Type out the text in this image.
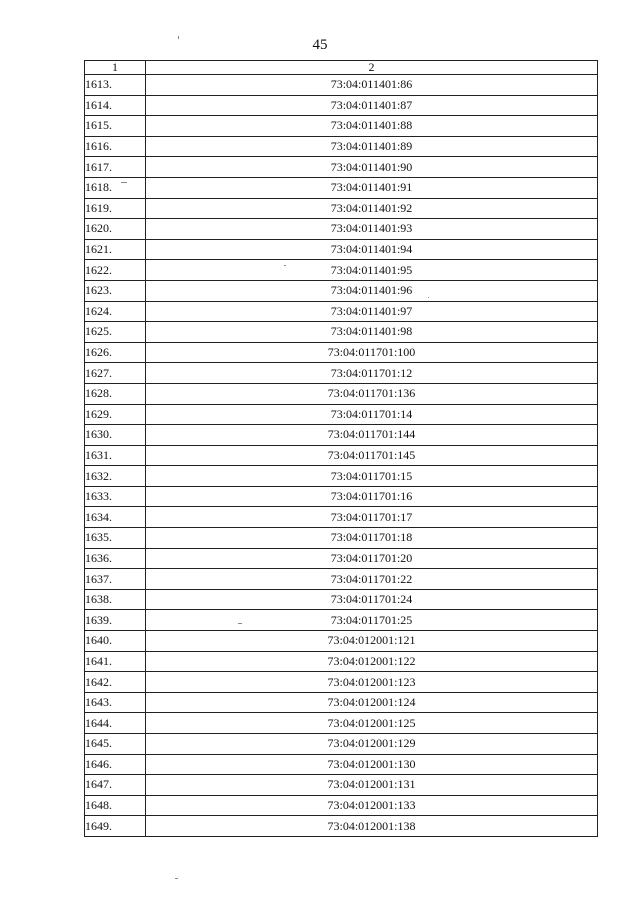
45
1	2
1613.	73:04:011401:86
1614.	73:04:011401:87
1615.	73:04:011401:88
1616.	73:04:011401:89
1617.	73:04:011401:90
1618.	73:04:011401:91
1619.	73:04:011401:92
1620.	73:04:011401:93
1621.	73:04:011401:94
1622.	73:04:011401:95
1623.	73:04:011401:96
1624.	73:04:011401:97
1625.	73:04:011401:98
1626.	73:04:011701:100
1627.	73:04:011701:12
1628.	73:04:011701:136
1629.	73:04:011701:14
1630.	73:04:011701:144
1631.	73:04:011701:145
1632.	73:04:011701:15
1633.	73:04:011701:16
1634.	73:04:011701:17
1635.	73:04:011701:18
1636.	73:04:011701:20
1637.	73:04:011701:22
1638.	73:04:011701:24
1639.	73:04:011701:25
1640.	73:04:012001:121
1641.	73:04:012001:122
1642.	73:04:012001:123
1643.	73:04:012001:124
1644.	73:04:012001:125
1645.	73:04:012001:129
1646.	73:04:012001:130
1647.	73:04:012001:131
1648.	73:04:012001:133
1649.	73:04:012001:138
